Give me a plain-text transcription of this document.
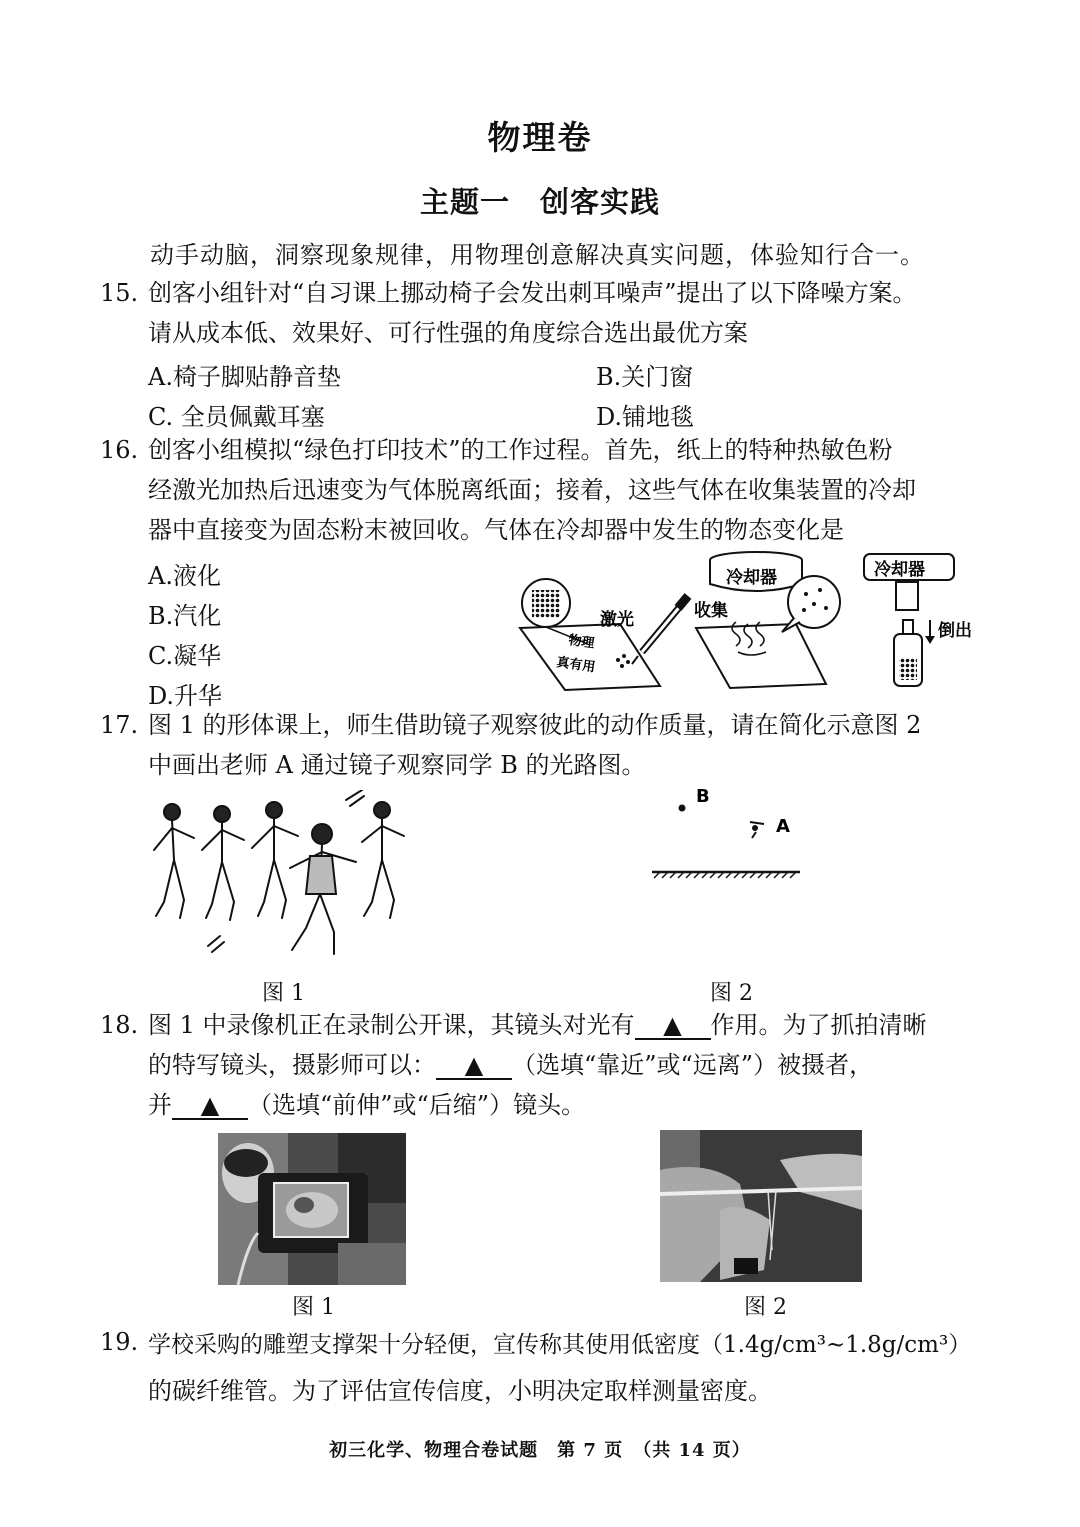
物理卷
主题一　创客实践
动手动脑，洞察现象规律，用物理创意解决真实问题，体验知行合一。
15. 创客小组针对“自习课上挪动椅子会发出刺耳噪声”提出了以下降噪方案。
请从成本低、效果好、可行性强的角度综合选出最优方案
A.椅子脚贴静音垫	B.关门窗
C. 全员佩戴耳塞	D.铺地毯
16. 创客小组模拟“绿色打印技术”的工作过程。首先，纸上的特种热敏色粉
经激光加热后迅速变为气体脱离纸面；接着，这些气体在收集装置的冷却
器中直接变为固态粉末被回收。气体在冷却器中发生的物态变化是
A.液化
B.汽化
C.凝华
D.升华
物理
真有用
激光
冷却器
收集
冷却器
倒出
17. 图 1 的形体课上，师生借助镜子观察彼此的动作质量，请在简化示意图 2
中画出老师 A 通过镜子观察同学 B 的光路图。
图 1
B
A
图 2
18. 图 1 中录像机正在录制公开课，其镜头对光有 ▲ 作用。为了抓拍清晰
的特写镜头，摄影师可以： ▲ （选填“靠近”或“远离”）被摄者，
并 ▲ （选填“前伸”或“后缩”）镜头。
图 1	图 2
19. 学校采购的雕塑支撑架十分轻便，宣传称其使用低密度（1.4g/cm³~1.8g/cm³）
的碳纤维管。为了评估宣传信度，小明决定取样测量密度。
初三化学、物理合卷试题　第 7 页　（共 14 页）
